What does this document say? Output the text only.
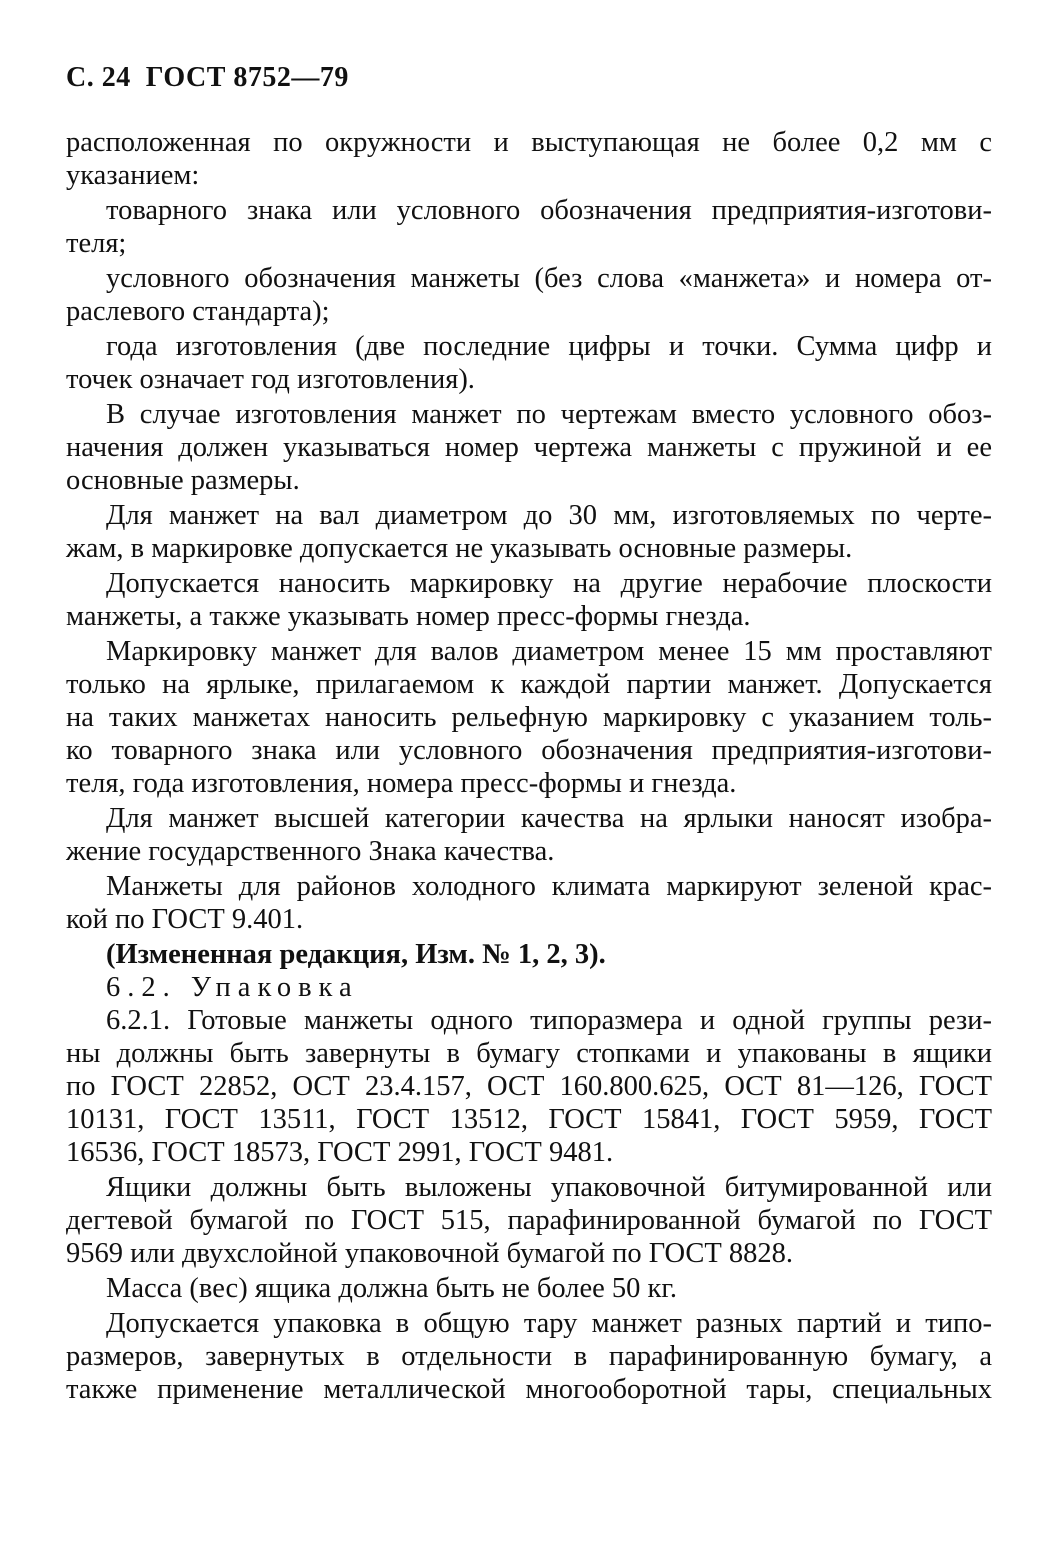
С. 24 ГОСТ 8752—79
расположенная по окружности и выступающая не более 0,2 мм с
указанием:
товарного знака или условного обозначения предприятия-изготови-
теля;
условного обозначения манжеты (без слова «манжета» и номера от-
раслевого стандарта);
года изготовления (две последние цифры и точки. Сумма цифр и
точек означает год изготовления).
В случае изготовления манжет по чертежам вместо условного обоз-
начения должен указываться номер чертежа манжеты с пружиной и ее
основные размеры.
Для манжет на вал диаметром до 30 мм, изготовляемых по черте-
жам, в маркировке допускается не указывать основные размеры.
Допускается наносить маркировку на другие нерабочие плоскости
манжеты, а также указывать номер пресс-формы гнезда.
Маркировку манжет для валов диаметром менее 15 мм проставляют
только на ярлыке, прилагаемом к каждой партии манжет. Допускается
на таких манжетах наносить рельефную маркировку с указанием толь-
ко товарного знака или условного обозначения предприятия-изготови-
теля, года изготовления, номера пресс-формы и гнезда.
Для манжет высшей категории качества на ярлыки наносят изобра-
жение государственного Знака качества.
Манжеты для районов холодного климата маркируют зеленой крас-
кой по ГОСТ 9.401.
(Измененная редакция, Изм. № 1, 2, 3).
6.2. Упаковка
6.2.1. Готовые манжеты одного типоразмера и одной группы рези-
ны должны быть завернуты в бумагу стопками и упакованы в ящики
по ГОСТ 22852, ОСТ 23.4.157, ОСТ 160.800.625, ОСТ 81—126, ГОСТ
10131, ГОСТ 13511, ГОСТ 13512, ГОСТ 15841, ГОСТ 5959, ГОСТ
16536, ГОСТ 18573, ГОСТ 2991, ГОСТ 9481.
Ящики должны быть выложены упаковочной битумированной или
дегтевой бумагой по ГОСТ 515, парафинированной бумагой по ГОСТ
9569 или двухслойной упаковочной бумагой по ГОСТ 8828.
Масса (вес) ящика должна быть не более 50 кг.
Допускается упаковка в общую тару манжет разных партий и типо-
размеров, завернутых в отдельности в парафинированную бумагу, а
также применение металлической многооборотной тары, специальных
